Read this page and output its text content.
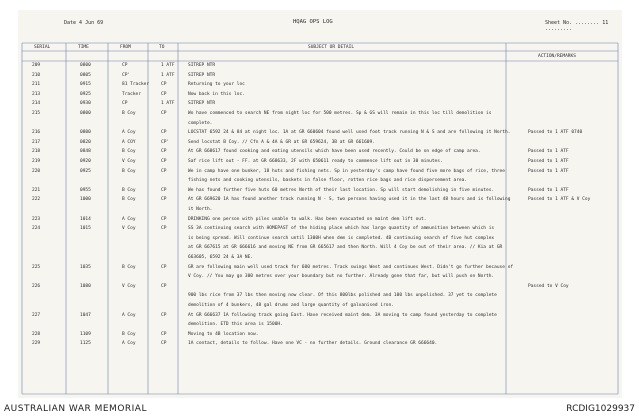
Date 4 Jun 69	HQAG OPS LOG	Sheet No. ........ 11 .........
SERIAL	TIME	FROM	TO	SUBJECT OR DETAIL
ACTION/REMARKS
209	0800	CP	1 ATF	SITREP NTR
210	0805	CP'	1 ATF	SITREP NTR
211	0915	81 Tracker	CP	Returning to your loc
213	0925	Tracker	CP	Now back in this loc.
214	0930	CP	1 ATF	SITREP NTR
215	0800	B Coy	CP	Wo have commenced to search NE from night loc for 500 metres. Sp & GS will remain in this loc till demolition is
complete.
216	0800	A Coy	CP	LOCSTAT 6592 24 & 84 at night loc. 1A at GR 660604 found well used foot track running N & S and are following it North.	Passed to 1 ATF 0740
217	0820	A COY	CP'	Send locstat B Coy. // Cfn A & 4A & GR at GR 659624, 3B at GR 661609.
218	0848	B Coy	CP	At GR 668617 found cooking and eating utensils which have been used recently. Could be on edge of camp area.	Passed to 1 ATF
219	0920	V Coy	CP	Saf rice lift out - FF. at GR 668633, 2F with 650611 ready to commence lift out in 30 minutes.	Passed to 1 ATF
220	0925	B Coy	CP	We in camp have one bunker, 18 huts and fishing nets. Sp in yesterday's camp have found five more bags of rice, three	Passed to 1 ATF
fishing nets and cooking utensils, baskets in false floor, rotten rice bags and rice dispersement area.
221	0955	B Coy	CP	We has found further five huts 60 metres North of their last location. Sp will start demolishing in five minutes.	Passed to 1 ATF
222	1000	B Coy	CP	At GR 669620 1A has found another track running N - S, two persons having used it in the last 48 hours and is following	Passed to 1 ATF & V Coy
it North.
223	1014	A Coy	CP	DRINKING one person with piles unable to walk. Has been evacuated on maint dem lift out.
224	1015	V Coy	CP	SS 3A continuing search with HOMEPAST of the hiding place which has large quantity of ammunition between which is
is being spread. Will continue search until 1300H when dem is completed. 4B continuing search of five hut complex
at GR 667615 at GR 666616 and moving NE from GR 665617 and then North. Will 4 Coy be out of their area. // Kia at GR
663605, 6592 24 & 3A NE.
225	1035	B Coy	CP	GR are following main well used track for 600 metres. Track swings West and continues West. Didn't go further because of
V Coy. // You may go 300 metres over your boundary but no further. Already gone that far, but will push on North.
226	1080	V Coy	CP	Passed to V Coy
900 lbs rice from 37 lbs then moving now clear. Of this 800lbs polished and 100 lbs unpolished. 37 yet to complete
demolition of 4 bunkers, 48 gal drums and large quantity of galvanised iron.
227	1047	A Coy	CP	At GR 666637 1A following track going East. Have received maint dem. 3A moving to camp found yesterday to complete
demolition. ETD this area is 1500H.
228	1109	B Coy	CP	Moving to 4B location now.
229	1125	A Coy	CP	1A contact, details to follow. Have one VC - no further details. Ground clearance GR 666640.
AUSTRALIAN WAR MEMORIAL	RCDIG1029937
